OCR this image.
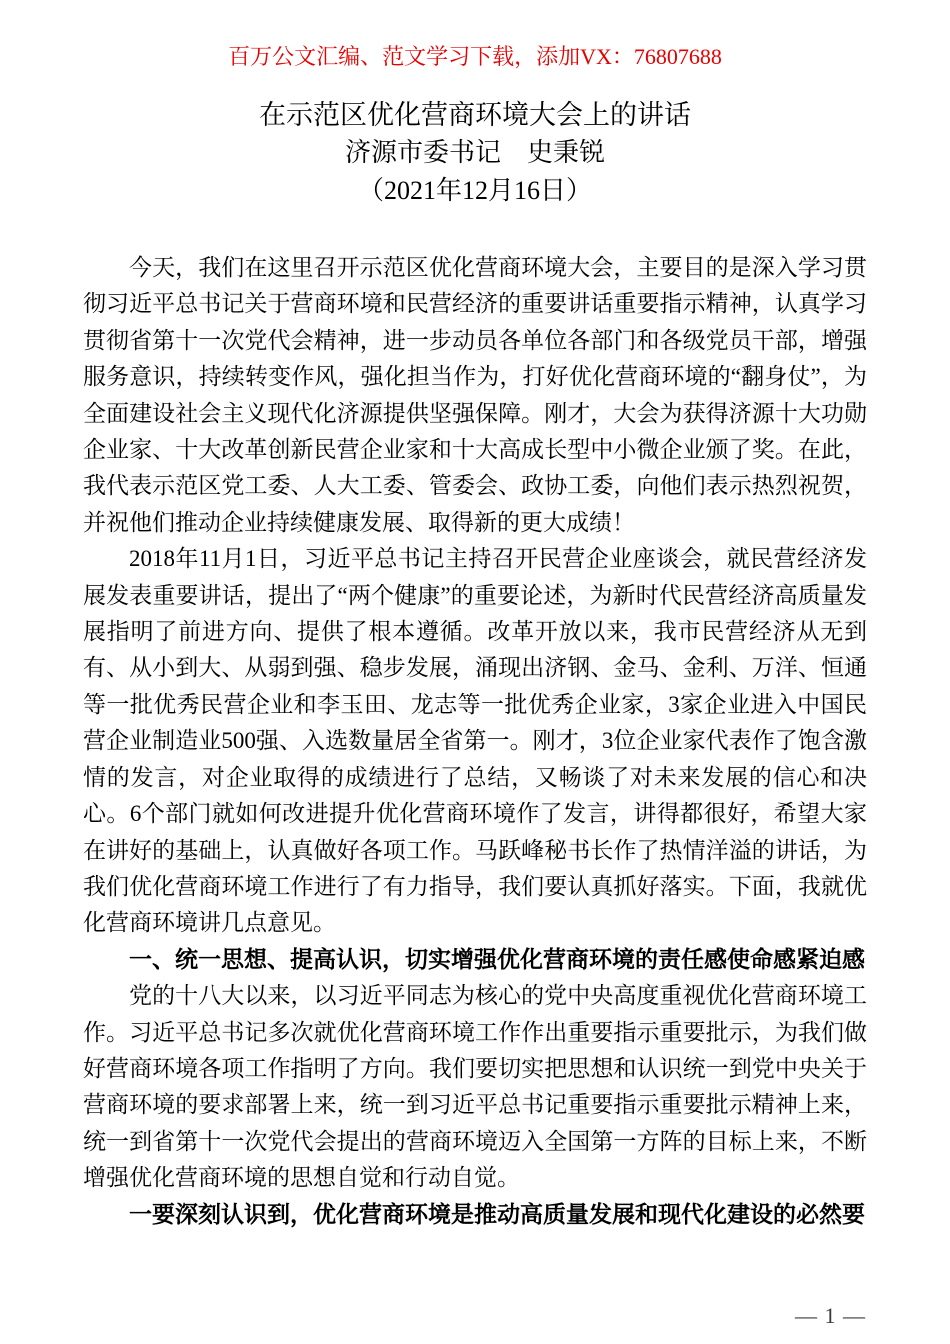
百万公文汇编、范文学习下载，添加VX：76807688
在示范区优化营商环境大会上的讲话
济源市委书记　史秉锐
（2021年12月16日）

今天，我们在这里召开示范区优化营商环境大会，主要目的是深入学习贯彻习近平总书记关于营商环境和民营经济的重要讲话重要指示精神，认真学习贯彻省第十一次党代会精神，进一步动员各单位各部门和各级党员干部，增强服务意识，持续转变作风，强化担当作为，打好优化营商环境的“翻身仗”，为全面建设社会主义现代化济源提供坚强保障。刚才，大会为获得济源十大功勋企业家、十大改革创新民营企业家和十大高成长型中小微企业颁了奖。在此，我代表示范区党工委、人大工委、管委会、政协工委，向他们表示热烈祝贺，并祝他们推动企业持续健康发展、取得新的更大成绩！

2018年11月1日，习近平总书记主持召开民营企业座谈会，就民营经济发展发表重要讲话，提出了“两个健康”的重要论述，为新时代民营经济高质量发展指明了前进方向、提供了根本遵循。改革开放以来，我市民营经济从无到有、从小到大、从弱到强、稳步发展，涌现出济钢、金马、金利、万洋、恒通等一批优秀民营企业和李玉田、龙志等一批优秀企业家，3家企业进入中国民营企业制造业500强、入选数量居全省第一。刚才，3位企业家代表作了饱含激情的发言，对企业取得的成绩进行了总结，又畅谈了对未来发展的信心和决心。6个部门就如何改进提升优化营商环境作了发言，讲得都很好，希望大家在讲好的基础上，认真做好各项工作。马跃峰秘书长作了热情洋溢的讲话，为我们优化营商环境工作进行了有力指导，我们要认真抓好落实。下面，我就优化营商环境讲几点意见。

一、统一思想、提高认识，切实增强优化营商环境的责任感使命感紧迫感

党的十八大以来，以习近平同志为核心的党中央高度重视优化营商环境工作。习近平总书记多次就优化营商环境工作作出重要指示重要批示，为我们做好营商环境各项工作指明了方向。我们要切实把思想和认识统一到党中央关于营商环境的要求部署上来，统一到习近平总书记重要指示重要批示精神上来，统一到省第十一次党代会提出的营商环境迈入全国第一方阵的目标上来，不断增强优化营商环境的思想自觉和行动自觉。

一要深刻认识到，优化营商环境是推动高质量发展和现代化建设的必然要

— 1 —
